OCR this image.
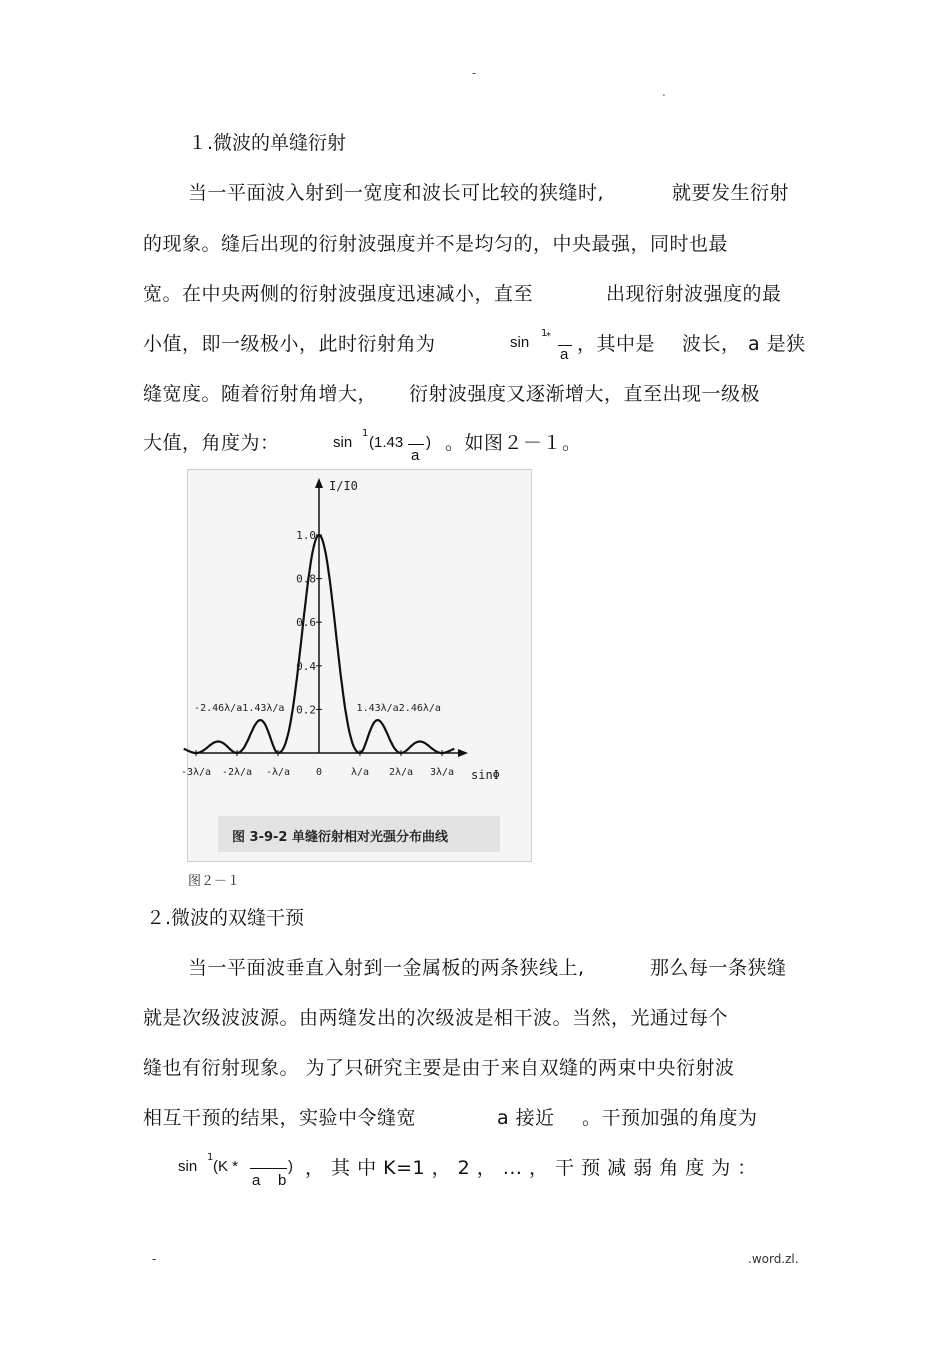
-
.
１.微波的单缝衍射
当一平面波入射到一宽度和波长可比较的狭缝时,	就要发生衍射
的现象。缝后出现的衍射波强度并不是均匀的，中央最强，同时也最
宽。在中央两侧的衍射波强度迅速减小，直至	出现衍射波强度的最
小值，即一级极小，此时衍射角为	sin
1
*
a ，其中是 波长， a 是狭
缝宽度。随着衍射角增大， 衍射波强度又逐渐增大，直至出现一级极
大值，角度为：	sin
1
(1.43 )
a
。如图２－１。
I/I0
sinΦ
0.2
0.4
0.6
0.8
1.0
-3λ/a -2λ/a -λ/a	0	λ/a 2λ/a 3λ/a
-2.46λ/a
-1.43λ/a	1.43λ/a 2.46λ/a
图 3-9-2 单缝衍射相对光强分布曲线
图２－１
２.微波的双缝干预
当一平面波垂直入射到一金属板的两条狭线上,	那么每一条狭缝
就是次级波波源。由两缝发出的次级波是相干波。当然，光通过每个
缝也有衍射现象。 为了只研究主要是由于来自双缝的两束中央衍射波
相互干预的结果，实验中令缝宽	a 接近 。干预加强的角度为
sin
1
(K *	)
a b
， 其 中 K=1 ， 2 ， ... ， 干 预 减 弱 角 度 为 ：
-	.word.zl.
